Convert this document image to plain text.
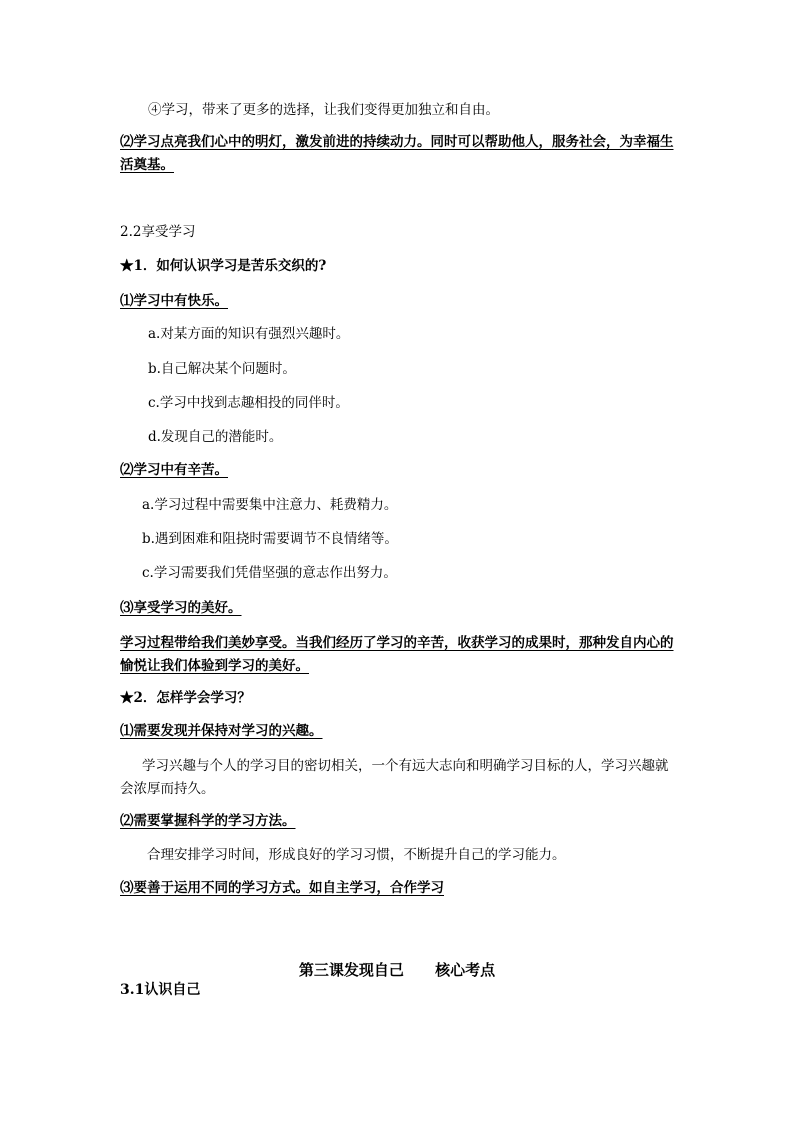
④学习，带来了更多的选择，让我们变得更加独立和自由。

⑵学习点亮我们心中的明灯，激发前进的持续动力。同时可以帮助他人，服务社会，为幸福生活奠基。

2.2享受学习

★1．如何认识学习是苦乐交织的?

⑴学习中有快乐。

a.对某方面的知识有强烈兴趣时。

b.自己解决某个问题时。

c.学习中找到志趣相投的同伴时。

d.发现自己的潜能时。

⑵学习中有辛苦。

a.学习过程中需要集中注意力、耗费精力。

b.遇到困难和阻挠时需要调节不良情绪等。

c.学习需要我们凭借坚强的意志作出努力。

⑶享受学习的美好。

学习过程带给我们美妙享受。当我们经历了学习的辛苦，收获学习的成果时，那种发自内心的愉悦让我们体验到学习的美好。

★2．怎样学会学习？

⑴需要发现并保持对学习的兴趣。

学习兴趣与个人的学习目的密切相关，一个有远大志向和明确学习目标的人，学习兴趣就会浓厚而持久。

⑵需要掌握科学的学习方法。

合理安排学习时间，形成良好的学习习惯，不断提升自己的学习能力。

⑶要善于运用不同的学习方式。如自主学习，合作学习

第三课发现自己      核心考点

3.1认识自己
